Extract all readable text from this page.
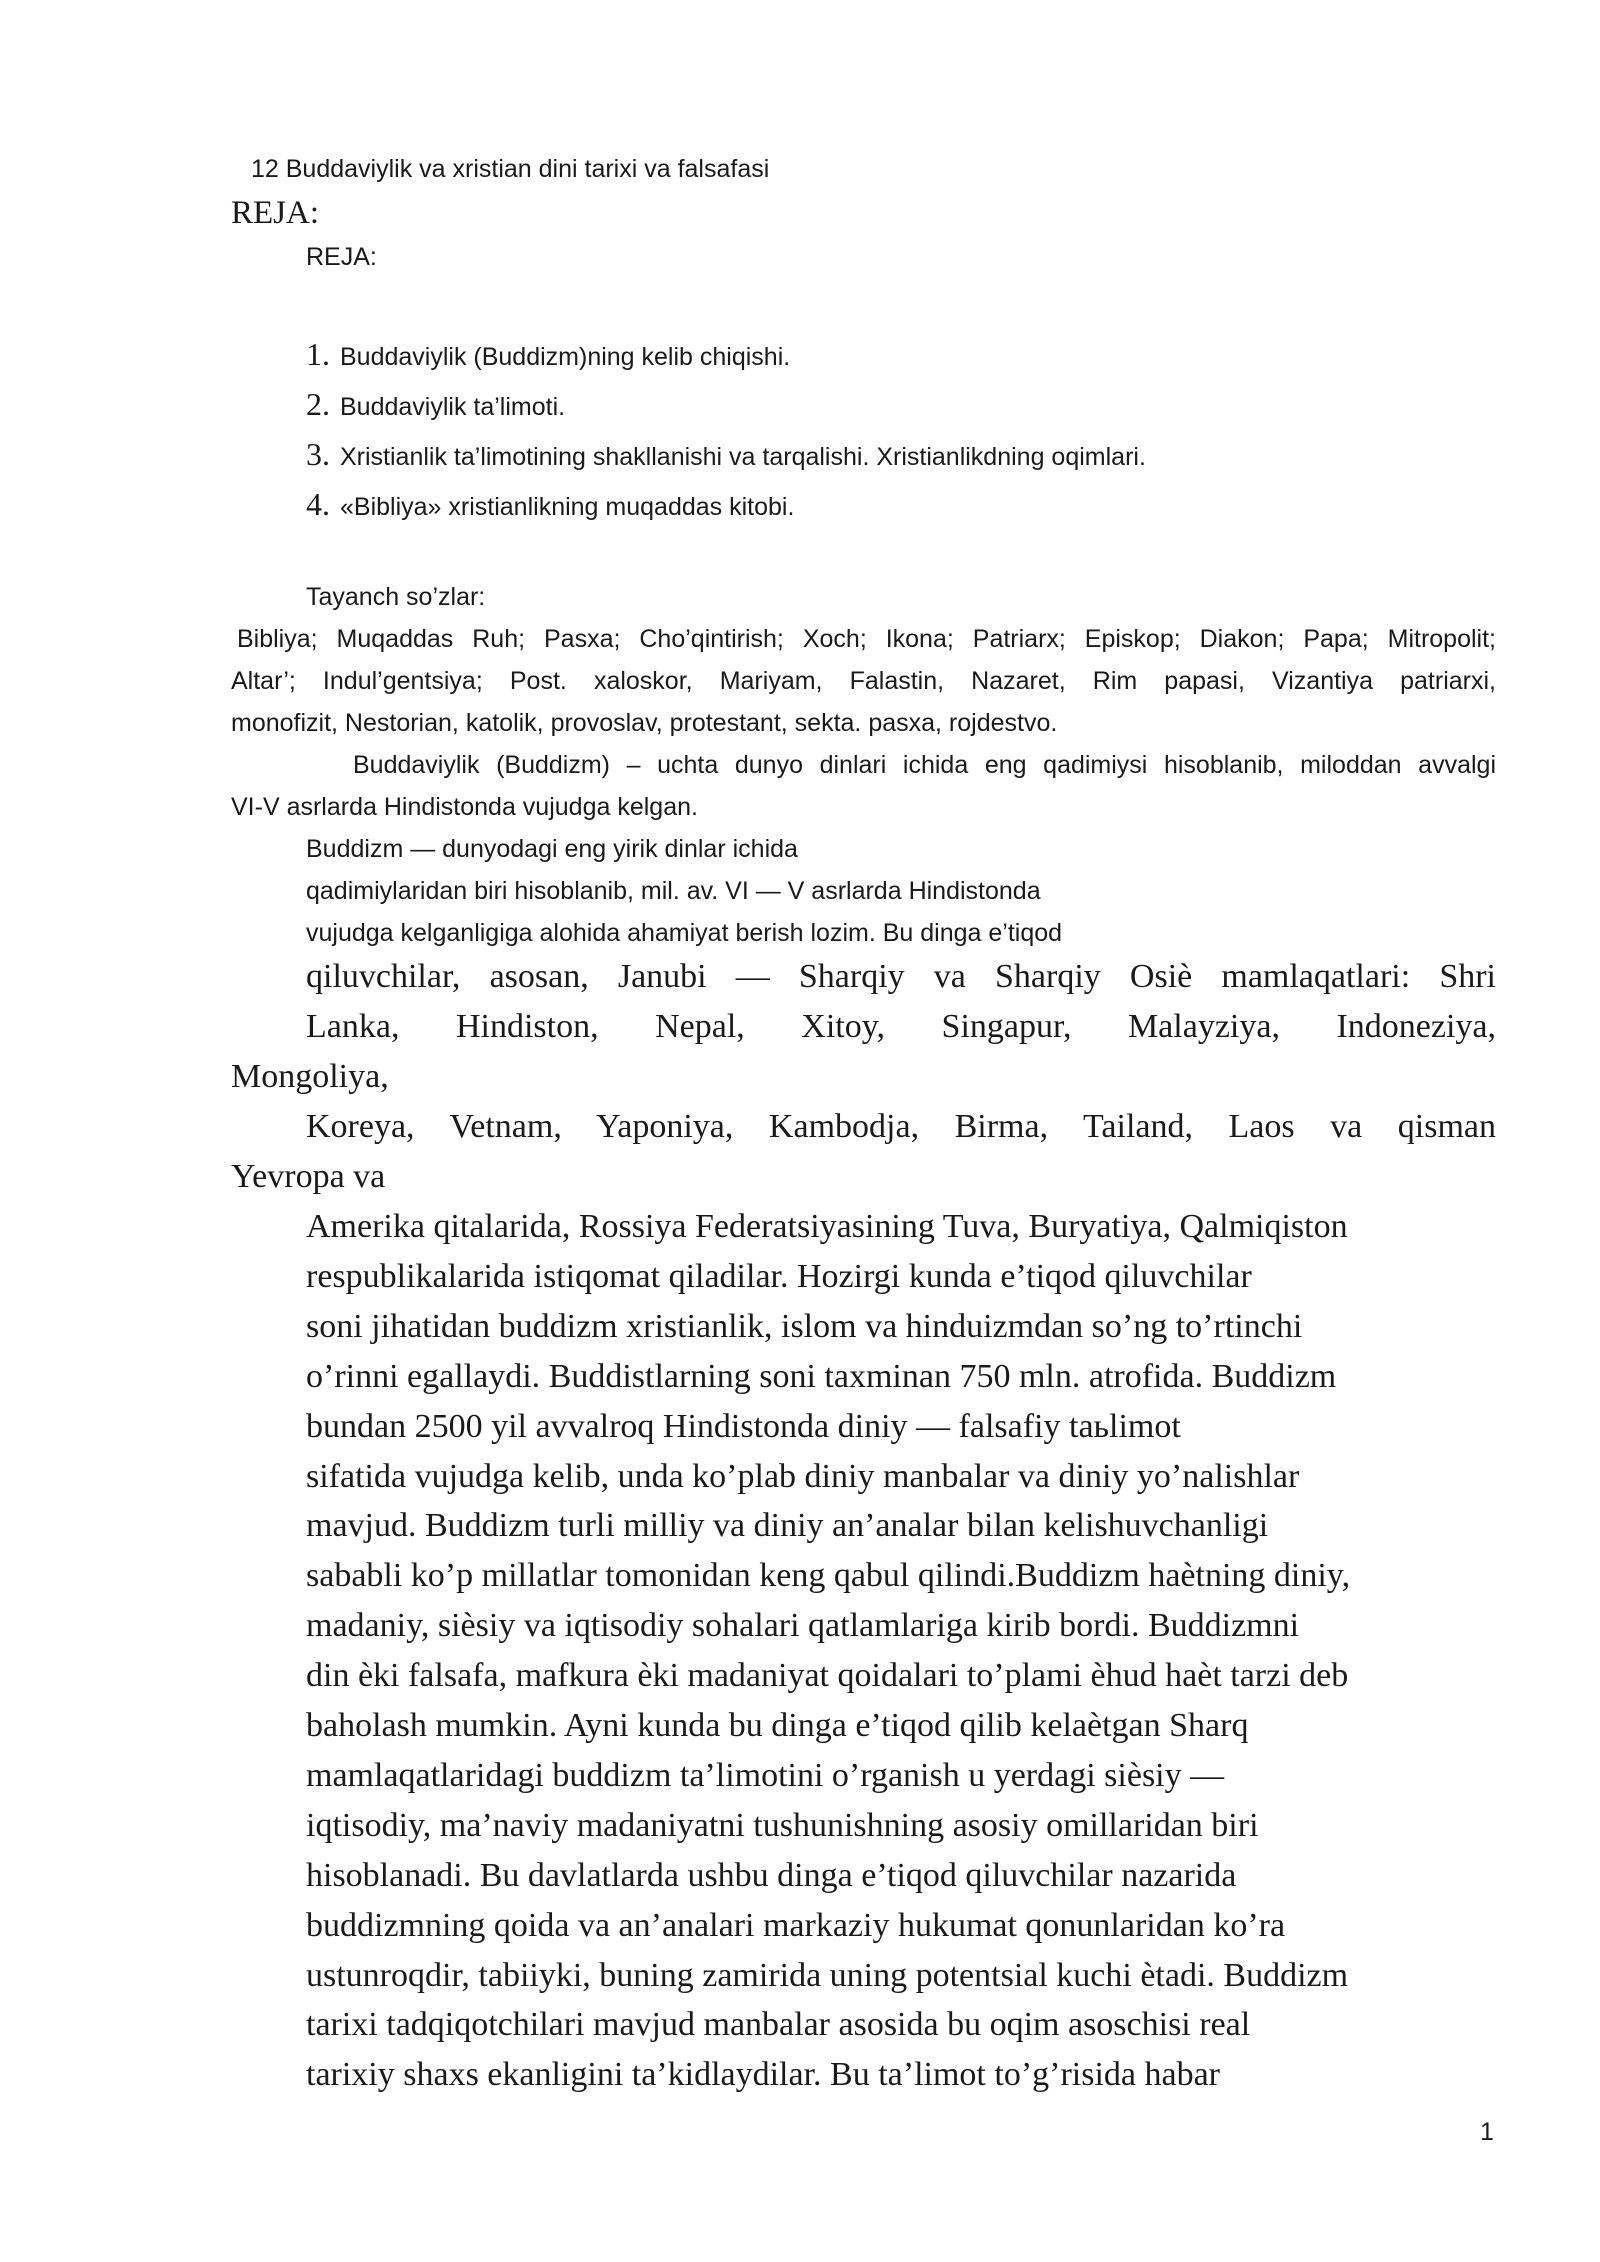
12 Buddaviylik va xristian dini tarixi va falsafasi
REJA:
REJA:
1. Buddaviylik (Buddizm)ning kelib chiqishi.
2. Buddaviylik ta’limoti.
3. Xristianlik ta’limotining shakllanishi va tarqalishi. Xristianlikdning oqimlari.
4. «Bibliya» xristianlikning muqaddas kitobi.
Tayanch so’zlar:
Bibliya; Muqaddas Ruh; Pasxa; Cho’qintirish; Xoch; Ikona; Patriarx; Episkop; Diakon; Papa; Mitropolit;
Altar’; Indul’gentsiya; Post. xaloskor, Mariyam, Falastin, Nazaret, Rim papasi, Vizantiya patriarxi,
monofizit, Nestorian, katolik, provoslav, protestant, sekta. pasxa, rojdestvo.
Buddaviylik (Buddizm) – uchta dunyo dinlari ichida eng qadimiysi hisoblanib, miloddan avvalgi
VI-V asrlarda Hindistonda vujudga kelgan.
Buddizm — dunyodagi eng yirik dinlar ichida
qadimiylaridan biri hisoblanib, mil. av. VI — V asrlarda Hindistonda
vujudga kelganligiga alohida ahamiyat berish lozim. Bu dinga e’tiqod
qiluvchilar, asosan, Janubi — Sharqiy va Sharqiy Osiè mamlaqatlari: Shri
Lanka, Hindiston, Nepal, Xitoy, Singapur, Malayziya, Indoneziya,
Mongoliya,
Koreya, Vetnam, Yaponiya, Kambodja, Birma, Tailand, Laos va qisman
Yevropa va
Amerika qitalarida, Rossiya Federatsiyasining Tuva, Buryatiya, Qalmiqiston
respublikalarida istiqomat qiladilar. Hozirgi kunda e’tiqod qiluvchilar
soni jihatidan buddizm xristianlik, islom va hinduizmdan so’ng to’rtinchi
o’rinni egallaydi. Buddistlarning soni taxminan 750 mln. atrofida. Buddizm
bundan 2500 yil avvalroq Hindistonda diniy — falsafiy taьlimot
sifatida vujudga kelib, unda ko’plab diniy manbalar va diniy yo’nalishlar
mavjud. Buddizm turli milliy va diniy an’analar bilan kelishuvchanligi
sababli ko’p millatlar tomonidan keng qabul qilindi.Buddizm haètning diniy,
madaniy, sièsiy va iqtisodiy sohalari qatlamlariga kirib bordi. Buddizmni
din èki falsafa, mafkura èki madaniyat qoidalari to’plami èhud haèt tarzi deb
baholash mumkin. Ayni kunda bu dinga e’tiqod qilib kelaètgan Sharq
mamlaqatlaridagi buddizm ta’limotini o’rganish u yerdagi sièsiy —
iqtisodiy, ma’naviy madaniyatni tushunishning asosiy omillaridan biri
hisoblanadi. Bu davlatlarda ushbu dinga e’tiqod qiluvchilar nazarida
buddizmning qoida va an’analari markaziy hukumat qonunlaridan ko’ra
ustunroqdir, tabiiyki, buning zamirida uning potentsial kuchi ètadi. Buddizm
tarixi tadqiqotchilari mavjud manbalar asosida bu oqim asoschisi real
tarixiy shaxs ekanligini ta’kidlaydilar. Bu ta’limot to’g’risida habar
1
